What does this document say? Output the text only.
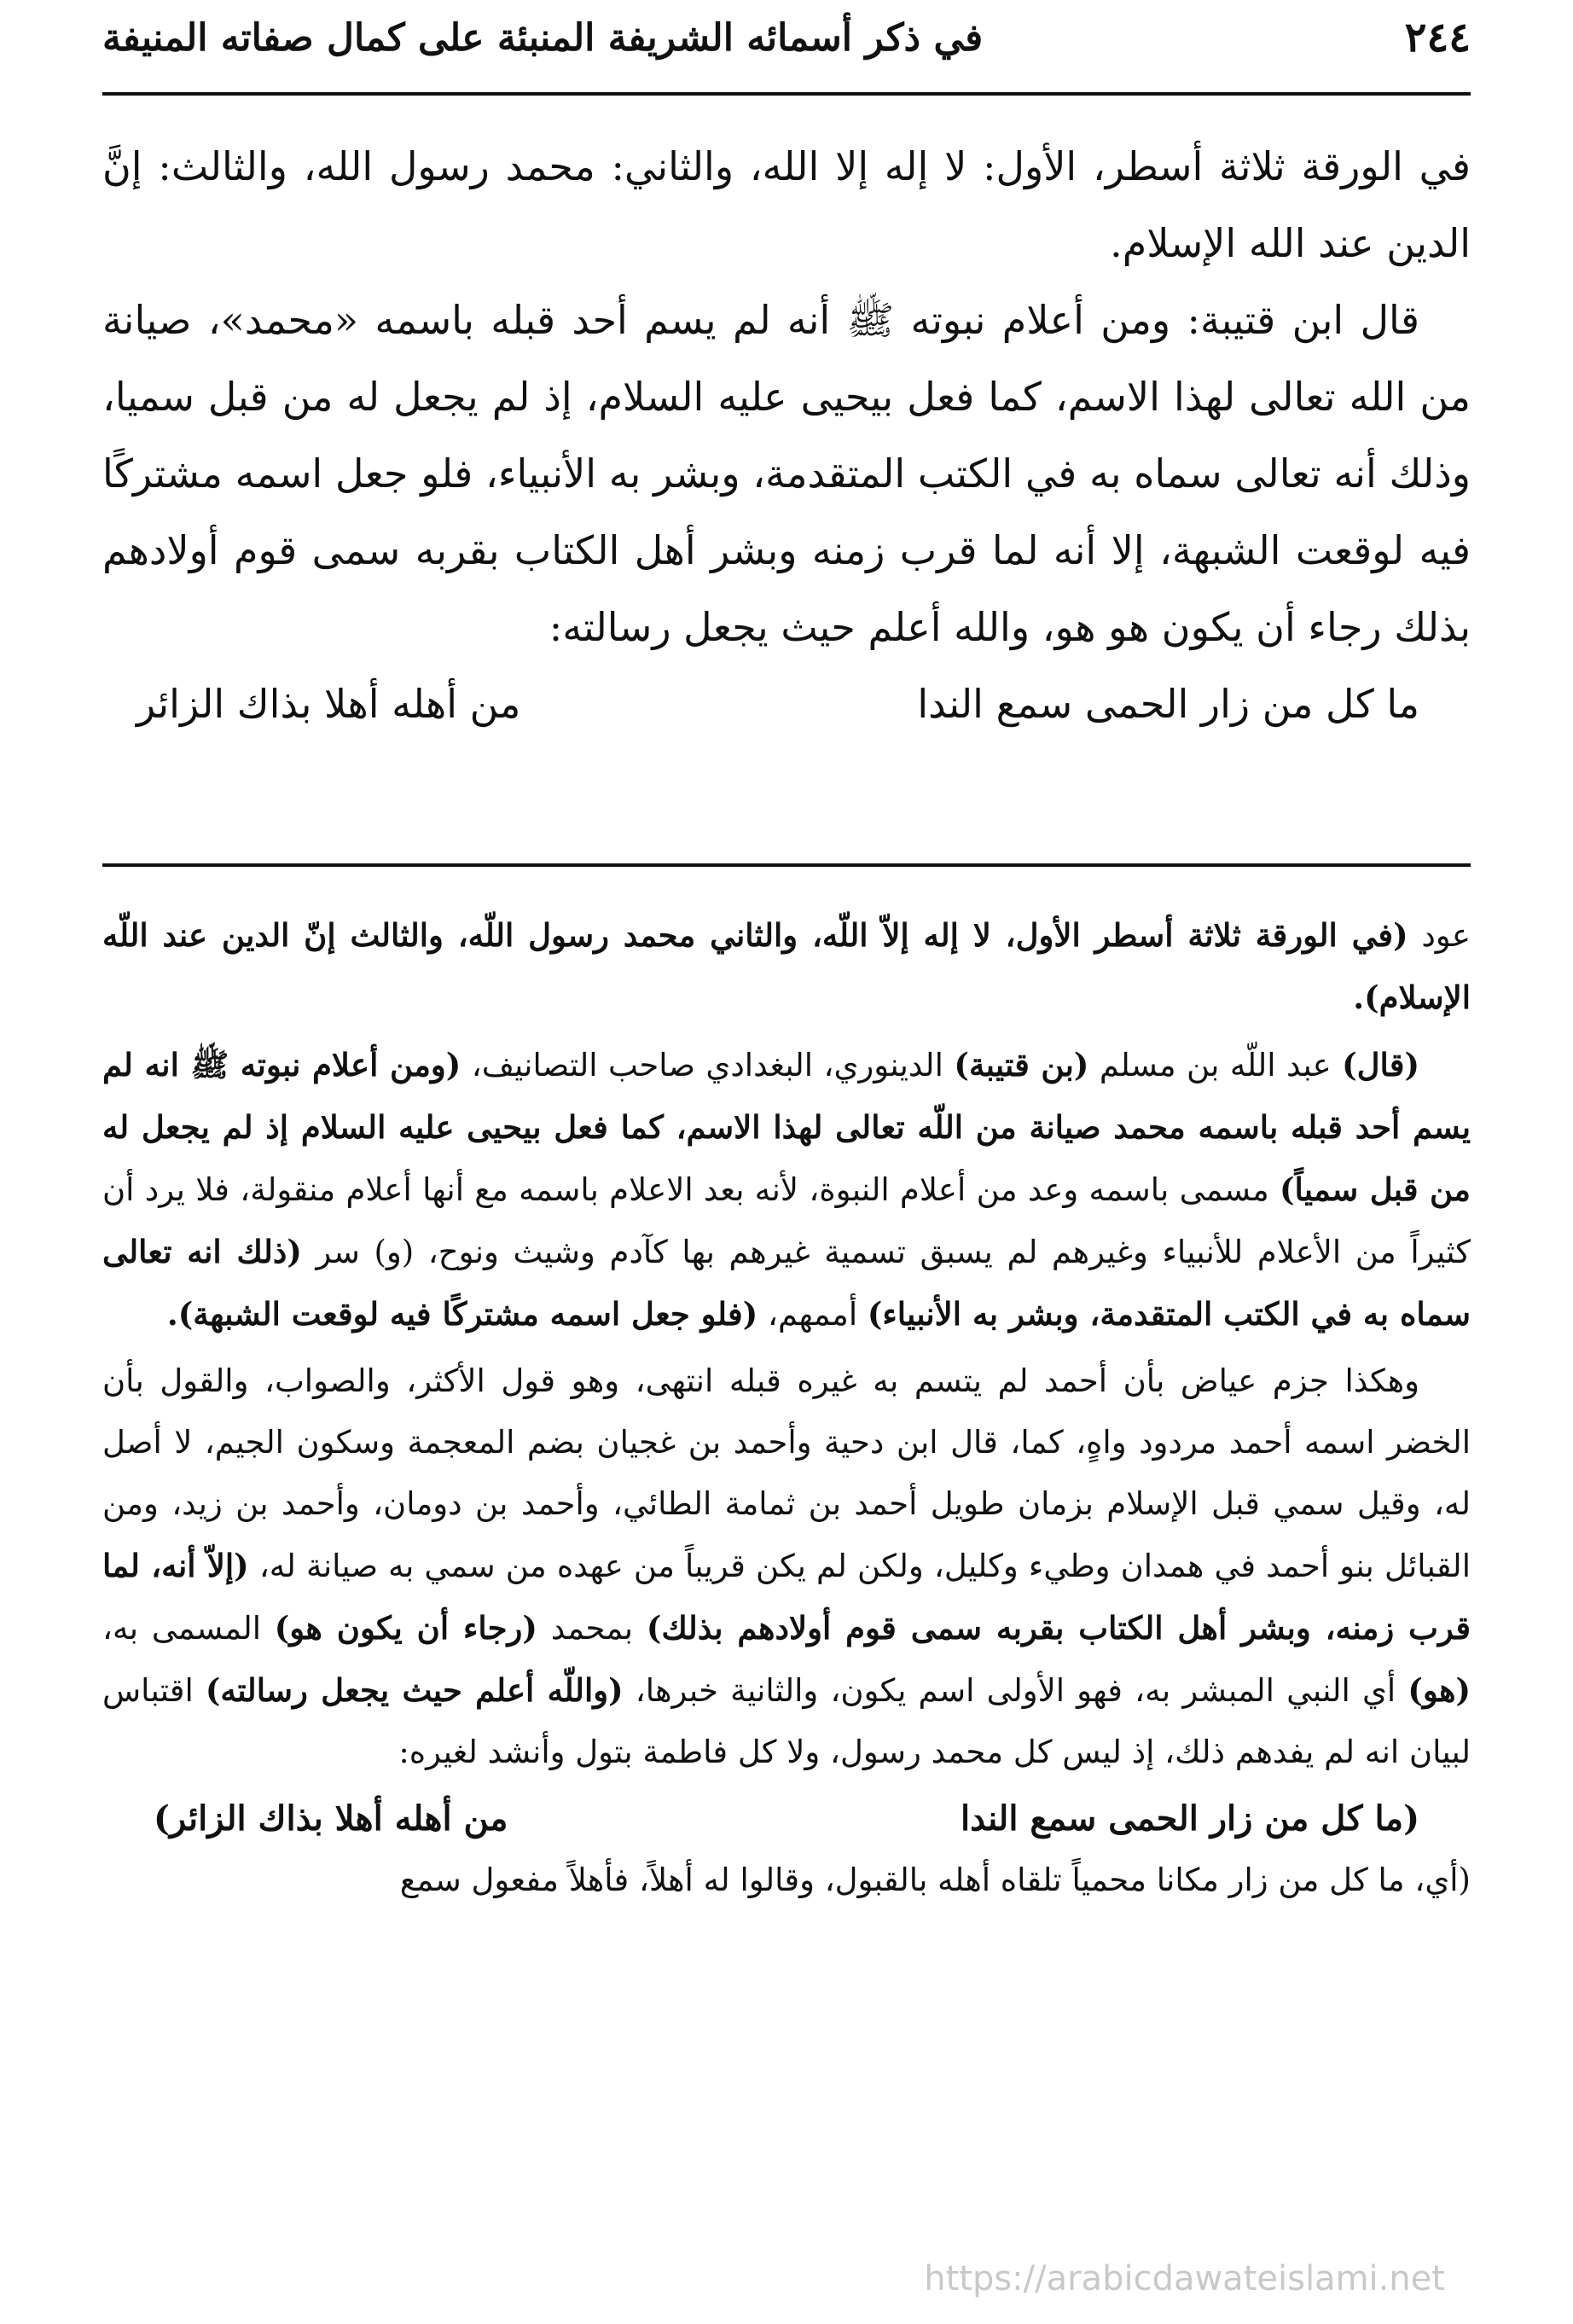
٢٤٤
في ذكر أسمائه الشريفة المنبئة على كمال صفاته المنيفة

في الورقة ثلاثة أسطر، الأول: لا إله إلا الله، والثاني: محمد رسول الله، والثالث: إنَّ الدين عند الله الإسلام.

قال ابن قتيبة: ومن أعلام نبوته ﷺ أنه لم يسم أحد قبله باسمه «محمد»، صيانة من الله تعالى لهذا الاسم، كما فعل بيحيى عليه السلام، إذ لم يجعل له من قبل سميا، وذلك أنه تعالى سماه به في الكتب المتقدمة، وبشر به الأنبياء، فلو جعل اسمه مشتركًا فيه لوقعت الشبهة، إلا أنه لما قرب زمنه وبشر أهل الكتاب بقربه سمى قوم أولادهم بذلك رجاء أن يكون هو هو، والله أعلم حيث يجعل رسالته:

ما كل من زار الحمى سمع الندا
من أهله أهلا بذاك الزائر

عود (في الورقة ثلاثة أسطر الأول، لا إله إلاّ اللّه، والثاني محمد رسول اللّه، والثالث إنّ الدين عند اللّه الإسلام).

(قال) عبد اللّه بن مسلم (بن قتيبة) الدينوري، البغدادي صاحب التصانيف، (ومن أعلام نبوته ﷺ انه لم يسم أحد قبله باسمه محمد صيانة من اللّه تعالى لهذا الاسم، كما فعل بيحيى عليه السلام إذ لم يجعل له من قبل سمياً) مسمى باسمه وعد من أعلام النبوة، لأنه بعد الاعلام باسمه مع أنها أعلام منقولة، فلا يرد أن كثيراً من الأعلام للأنبياء وغيرهم لم يسبق تسمية غيرهم بها كآدم وشيث ونوح، (و) سر (ذلك انه تعالى سماه به في الكتب المتقدمة، وبشر به الأنبياء) أممهم، (فلو جعل اسمه مشتركًا فيه لوقعت الشبهة).

وهكذا جزم عياض بأن أحمد لم يتسم به غيره قبله انتهى، وهو قول الأكثر، والصواب، والقول بأن الخضر اسمه أحمد مردود واهٍ، كما، قال ابن دحية وأحمد بن غجيان بضم المعجمة وسكون الجيم، لا أصل له، وقيل سمي قبل الإسلام بزمان طويل أحمد بن ثمامة الطائي، وأحمد بن دومان، وأحمد بن زيد، ومن القبائل بنو أحمد في همدان وطيء وكليل، ولكن لم يكن قريباً من عهده من سمي به صيانة له، (إلاّ أنه، لما قرب زمنه، وبشر أهل الكتاب بقربه سمى قوم أولادهم بذلك) بمحمد (رجاء أن يكون هو) المسمى به، (هو) أي النبي المبشر به، فهو الأولى اسم يكون، والثانية خبرها، (واللّه أعلم حيث يجعل رسالته) اقتباس لبيان انه لم يفدهم ذلك، إذ ليس كل محمد رسول، ولا كل فاطمة بتول وأنشد لغيره:

(ما كل من زار الحمى سمع الندا
من أهله أهلا بذاك الزائر)

(أي، ما كل من زار مكانا محمياً تلقاه أهله بالقبول، وقالوا له أهلاً، فأهلاً مفعول سمع

https://arabicdawateislami.net
